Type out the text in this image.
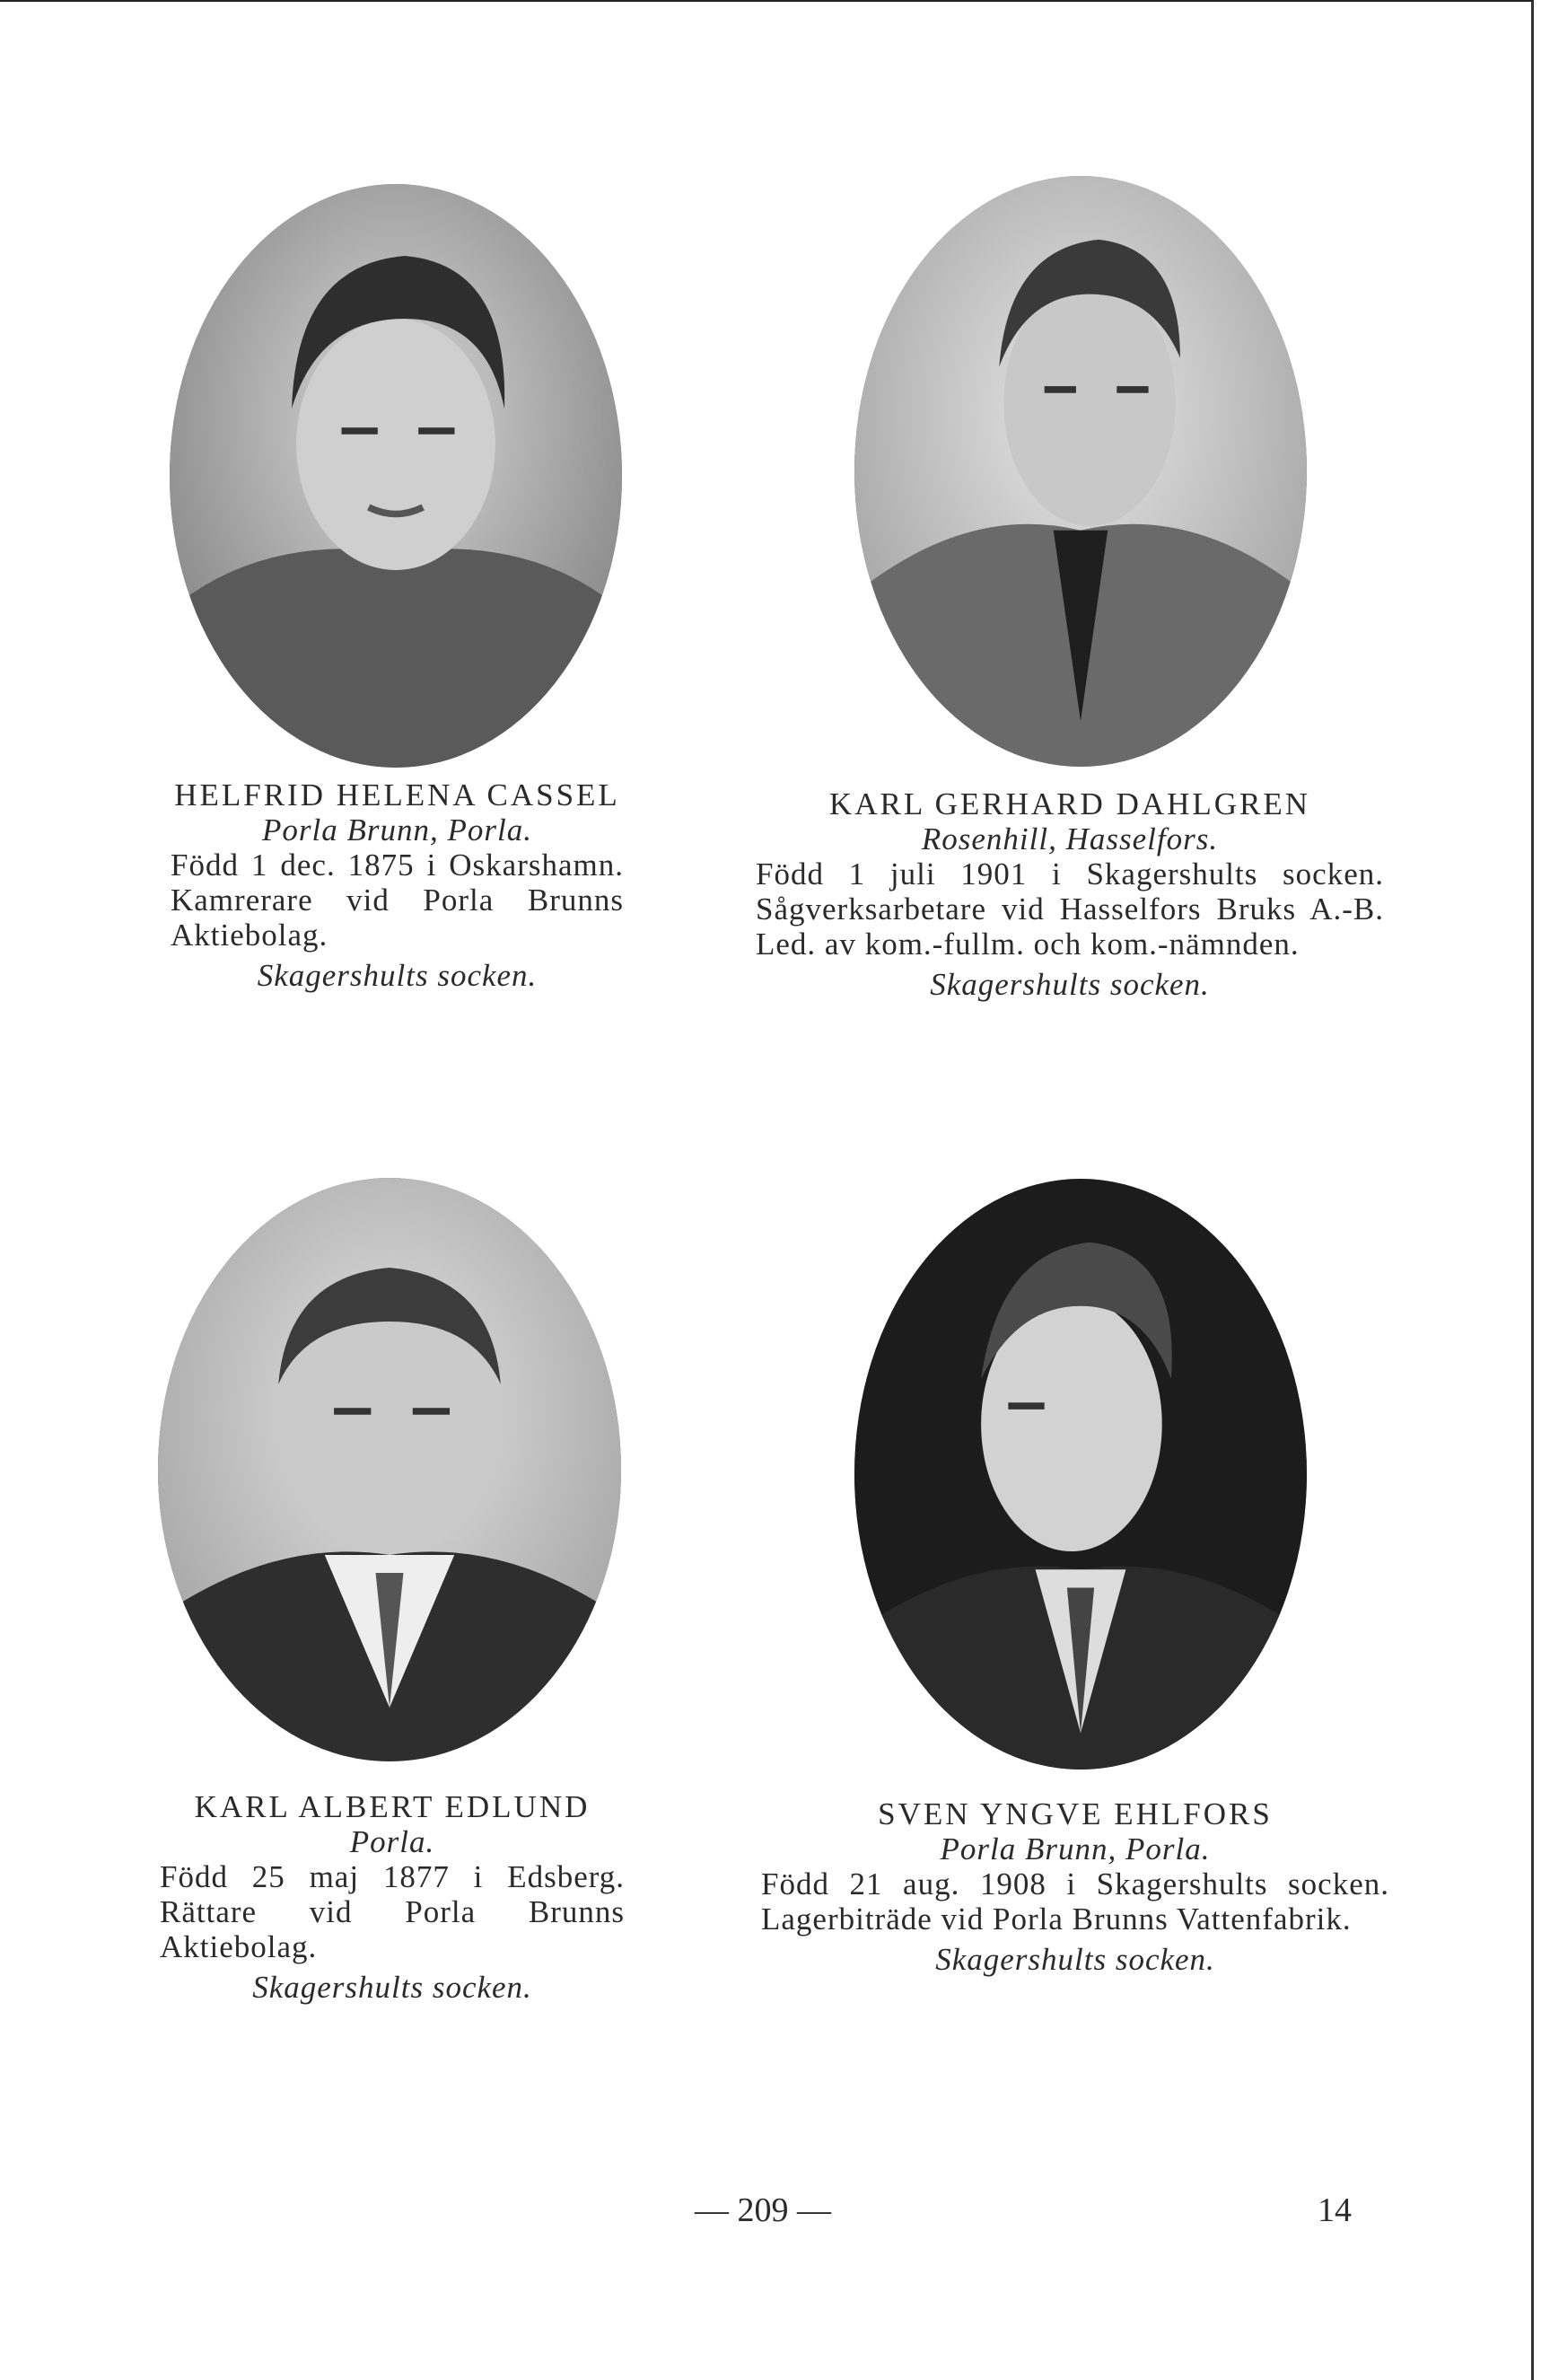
HELFRID HELENA CASSEL
Porla Brunn, Porla.
Född 1 dec. 1875 i Oskarshamn. Kamrerare vid Porla Brunns Aktiebolag.
Skagershults socken.
KARL GERHARD DAHLGREN
Rosenhill, Hasselfors.
Född 1 juli 1901 i Skagershults socken. Sågverksarbetare vid Hasselfors Bruks A.-B. Led. av kom.-fullm. och kom.-nämnden.
Skagershults socken.
KARL ALBERT EDLUND
Porla.
Född 25 maj 1877 i Edsberg. Rättare vid Porla Brunns Aktiebolag.
Skagershults socken.
SVEN YNGVE EHLFORS
Porla Brunn, Porla.
Född 21 aug. 1908 i Skagershults socken. Lagerbiträde vid Porla Brunns Vattenfabrik.
Skagershults socken.
— 209 —	14
